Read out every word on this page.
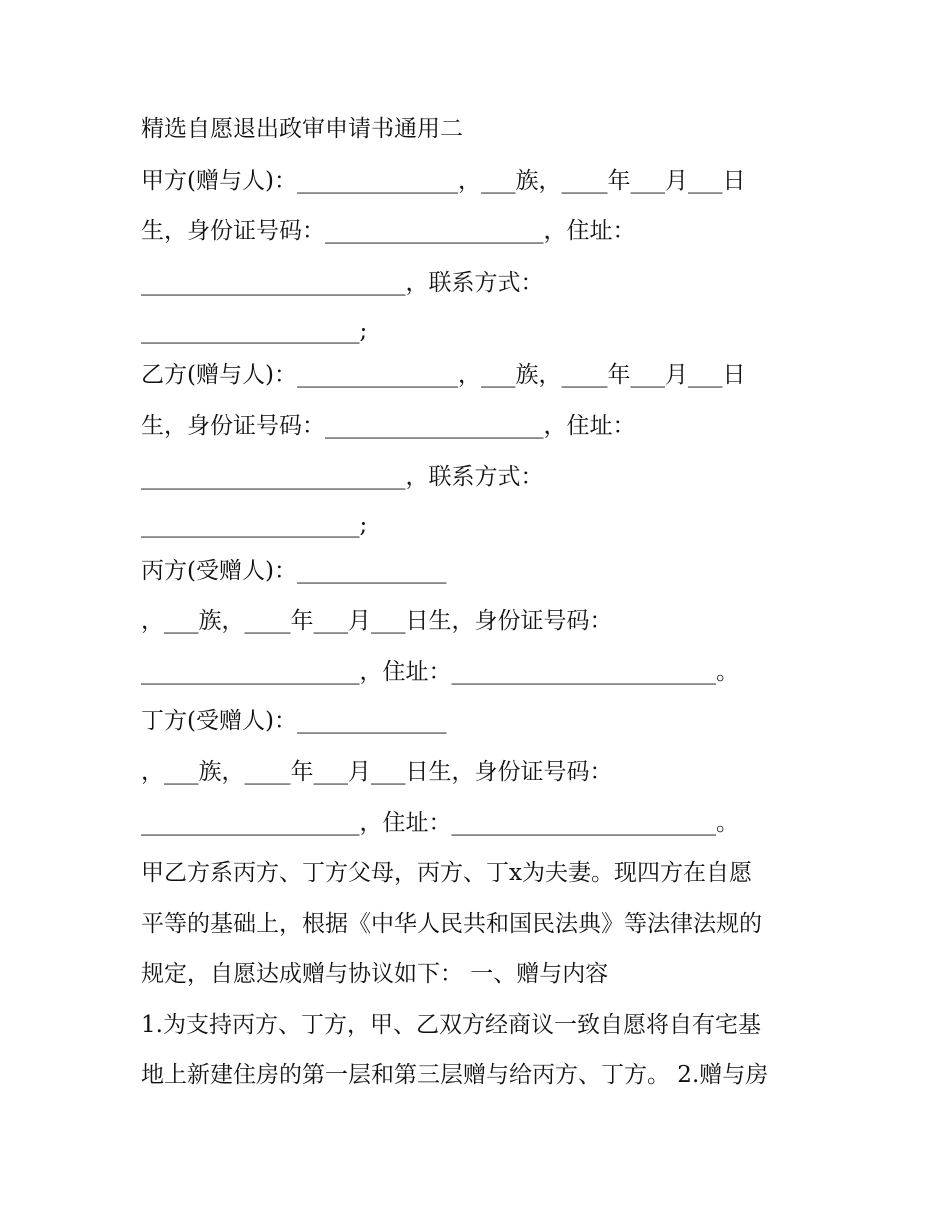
精选自愿退出政审申请书通用二
甲方(赠与人)：______________，___族，____年___月___日
生，身份证号码：___________________，住址：
_______________________，联系方式：
___________________;
乙方(赠与人)：______________，___族，____年___月___日
生，身份证号码：___________________，住址：
_______________________，联系方式：
___________________;
丙方(受赠人)：_____________
，___族，____年___月___日生，身份证号码：
___________________，住址：_______________________。
丁方(受赠人)：_____________
，___族，____年___月___日生，身份证号码：
___________________，住址：_______________________。
甲乙方系丙方、丁方父母，丙方、丁x为夫妻。现四方在自愿
平等的基础上，根据《中华人民共和国民法典》等法律法规的
规定，自愿达成赠与协议如下： 一、赠与内容
1.为支持丙方、丁方，甲、乙双方经商议一致自愿将自有宅基
地上新建住房的第一层和第三层赠与给丙方、丁方。 2.赠与房
